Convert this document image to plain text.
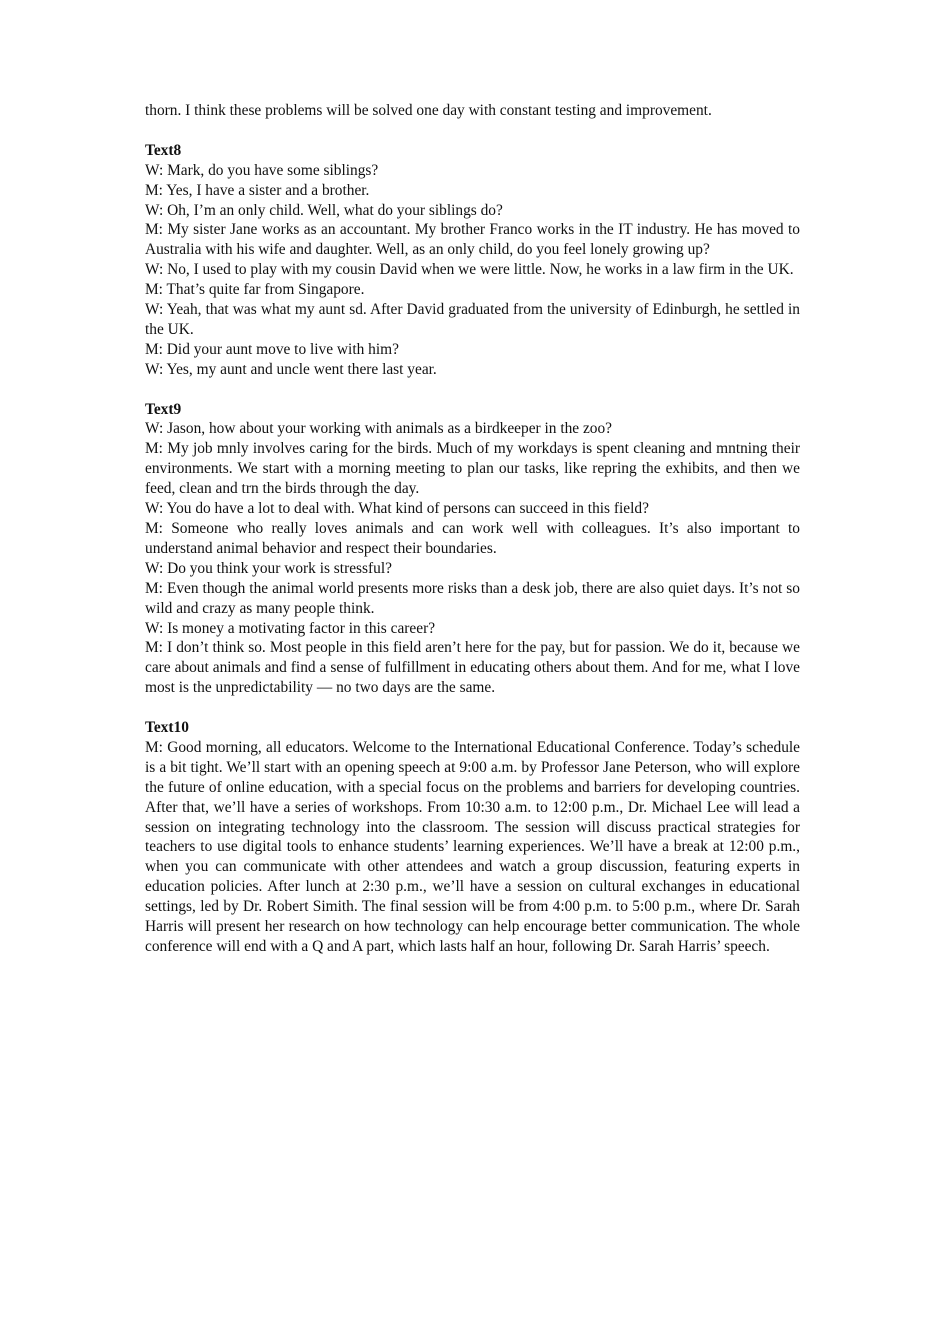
thorn. I think these problems will be solved one day with constant testing and improvement.

Text8

W: Mark, do you have some siblings?

M: Yes, I have a sister and a brother.

W: Oh, I’m an only child. Well, what do your siblings do?

M: My sister Jane works as an accountant. My brother Franco works in the IT industry. He has moved to Australia with his wife and daughter. Well, as an only child, do you feel lonely growing up?

W: No, I used to play with my cousin David when we were little. Now, he works in a law firm in the UK.

M: That’s quite far from Singapore.

W: Yeah, that was what my aunt sd. After David graduated from the university of Edinburgh, he settled in the UK.

M: Did your aunt move to live with him?

W: Yes, my aunt and uncle went there last year.

Text9

W: Jason, how about your working with animals as a birdkeeper in the zoo?

M: My job mnly involves caring for the birds. Much of my workdays is spent cleaning and mntning their environments. We start with a morning meeting to plan our tasks, like repring the exhibits, and then we feed, clean and trn the birds through the day.

W: You do have a lot to deal with. What kind of persons can succeed in this field?

M: Someone who really loves animals and can work well with colleagues. It’s also important to understand animal behavior and respect their boundaries.

W: Do you think your work is stressful?

M: Even though the animal world presents more risks than a desk job, there are also quiet days. It’s not so wild and crazy as many people think.

W: Is money a motivating factor in this career?

M: I don’t think so. Most people in this field aren’t here for the pay, but for passion. We do it, because we care about animals and find a sense of fulfillment in educating others about them. And for me, what I love most is the unpredictability — no two days are the same.

Text10

M: Good morning, all educators. Welcome to the International Educational Conference. Today’s schedule is a bit tight. We’ll start with an opening speech at 9:00 a.m. by Professor Jane Peterson, who will explore the future of online education, with a special focus on the problems and barriers for developing countries. After that, we’ll have a series of workshops. From 10:30 a.m. to 12:00 p.m., Dr. Michael Lee will lead a session on integrating technology into the classroom. The session will discuss practical strategies for teachers to use digital tools to enhance students’ learning experiences. We’ll have a break at 12:00 p.m., when you can communicate with other attendees and watch a group discussion, featuring experts in education policies. After lunch at 2:30 p.m., we’ll have a session on cultural exchanges in educational settings, led by Dr. Robert Simith. The final session will be from 4:00 p.m. to 5:00 p.m., where Dr. Sarah Harris will present her research on how technology can help encourage better communication. The whole conference will end with a Q and A part, which lasts half an hour, following Dr. Sarah Harris’ speech.
